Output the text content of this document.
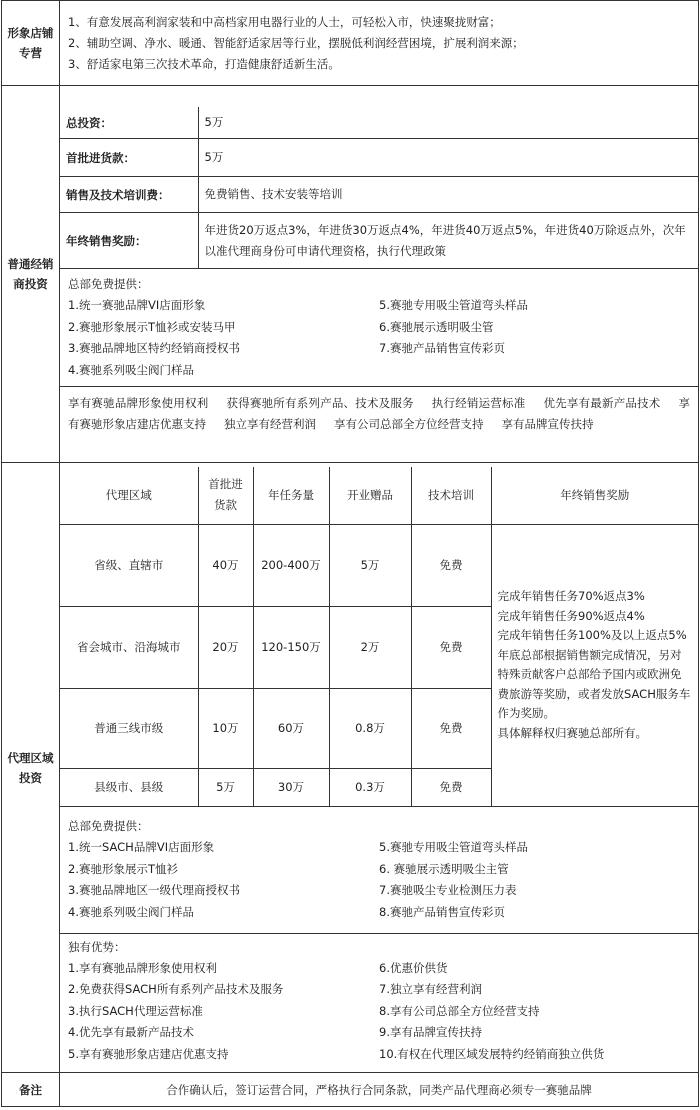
形象店铺专营	
1、有意发展高利润家装和中高档家用电器行业的人士，可轻松入市，快速聚拢财富；
2、辅助空调、净水、暖通、智能舒适家居等行业，摆脱低利润经营困境，扩展利润来源；
3、舒适家电第三次技术革命，打造健康舒适新生活。

普通经销商投资	
总投资：	5万
首批进货款：	5万
销售及技术培训费：	免费销售、技术安装等培训
年终销售奖励：	年进货20万返点3%，年进货30万返点4%，年进货40万返点5%，年进货40万除返点外，次年以准代理商身份可申请代理资格，执行代理政策

总部免费提供：
1.统一赛驰品牌VI店面形象	5.赛驰专用吸尘管道弯头样品
2.赛驰形象展示T恤衫或安装马甲	6.赛驰展示透明吸尘管
3.赛驰品牌地区特约经销商授权书	7.赛驰产品销售宣传彩页
4.赛驰系列吸尘阀门样品

享有赛驰品牌形象使用权利 获得赛驰所有系列产品、技术及服务 执行经销运营标准 优先享有最新产品技术 享有赛驰形象店建店优惠支持 独立享有经营利润 享有公司总部全方位经营支持 享有品牌宣传扶持

代理区域投资	
代理区域	首批进货款	年任务量	开业赠品	技术培训	年终销售奖励
省级、直辖市	40万	200-400万	5万	免费	
完成年销售任务70%返点3%
完成年销售任务90%返点4%
完成年销售任务100%及以上返点5%
年底总部根据销售额完成情况，另对特殊贡献客户总部给予国内或欧洲免费旅游等奖励，或者发放SACH服务车作为奖励。
具体解释权归赛驰总部所有。

省会城市、沿海城市	20万	120-150万	2万	免费
普通三线市级	10万	60万	0.8万	免费
县级市、县级	5万	30万	0.3万	免费

总部免费提供：
1.统一SACH品牌VI店面形象	5.赛驰专用吸尘管道弯头样品
2.赛驰形象展示T恤衫	6. 赛驰展示透明吸尘主管
3.赛驰品牌地区一级代理商授权书	7.赛驰吸尘专业检测压力表
4.赛驰系列吸尘阀门样品	8.赛驰产品销售宣传彩页

独有优势：
1.享有赛驰品牌形象使用权利	6.优惠价供货
2.免费获得SACH所有系列产品技术及服务	7.独立享有经营利润
3.执行SACH代理运营标准	8.享有公司总部全方位经营支持
4.优先享有最新产品技术	9.享有品牌宣传扶持
5.享有赛驰形象店建店优惠支持	10.有权在代理区域发展特约经销商独立供货

备注	合作确认后，签订运营合同，严格执行合同条款，同类产品代理商必须专一赛驰品牌
